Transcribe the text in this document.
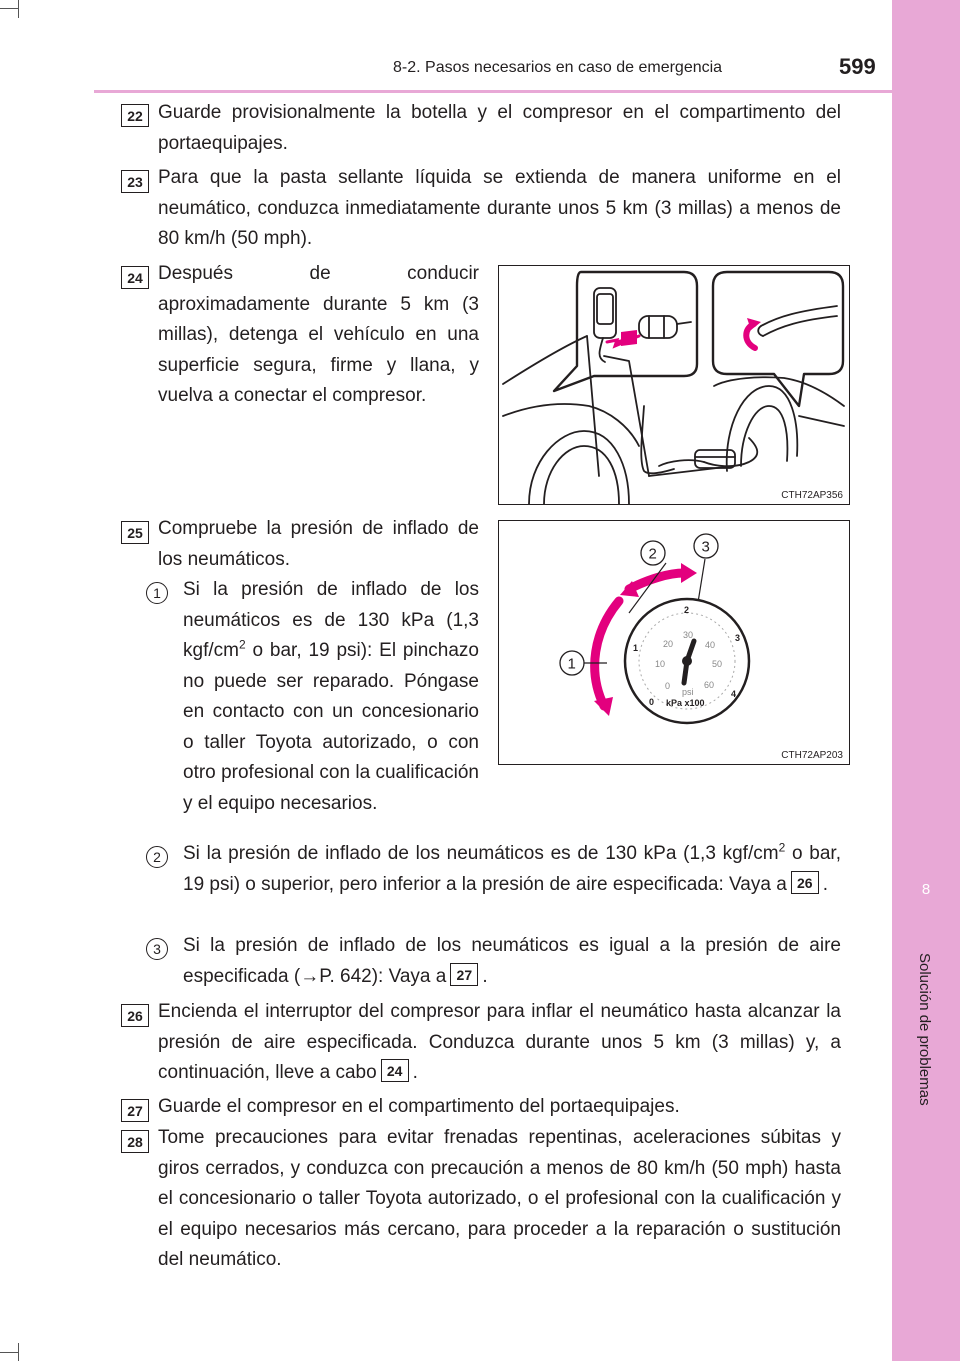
8
Solución de problemas
8-2. Pasos necesarios en caso de emergencia	599
22 Guarde provisionalmente la botella y el compresor en el compartimento del portaequipajes.
23 Para que la pasta sellante líquida se extienda de manera uniforme en el neumático, conduzca inmediatamente durante unos 5 km (3 millas) a menos de 80 km/h (50 mph).
24 Después de conducir aproximadamente durante 5 km (3 millas), detenga el vehículo en una superficie segura, firme y llana, y vuelva a conectar el compresor.
CTH72AP356
25 Compruebe la presión de inflado de los neumáticos.
0
1
2
3
4
0
10
20
30
40
50
60
psi
kPa x100
1
2	3
CTH72AP203
1	Si la presión de inflado de los neumáticos es de 130 kPa (1,3 kgf/$cm^2$ o bar, 19 psi): El pinchazo no puede ser reparado. Póngase en contacto con un concesionario o taller Toyota autorizado, o con otro profesional con la cualificación y el equipo necesarios.
2	Si la presión de inflado de los neumáticos es de 130 kPa (1,3 kgf/$cm^2$ o bar, 19 psi) o superior, pero inferior a la presión de aire especificada: Vaya a 26 .
3	Si la presión de inflado de los neumáticos es igual a la presión de aire especificada (→P. 642): Vaya a 27 .
26 Encienda el interruptor del compresor para inflar el neumático hasta alcanzar la presión de aire especificada. Conduzca durante unos 5 km (3 millas) y, a continuación, lleve a cabo 24 .
27 Guarde el compresor en el compartimento del portaequipajes.
28 Tome precauciones para evitar frenadas repentinas, aceleraciones súbitas y giros cerrados, y conduzca con precaución a menos de 80 km/h (50 mph) hasta el concesionario o taller Toyota autorizado, o el profesional con la cualificación y el equipo necesarios más cercano, para proceder a la reparación o sustitución del neumático.
